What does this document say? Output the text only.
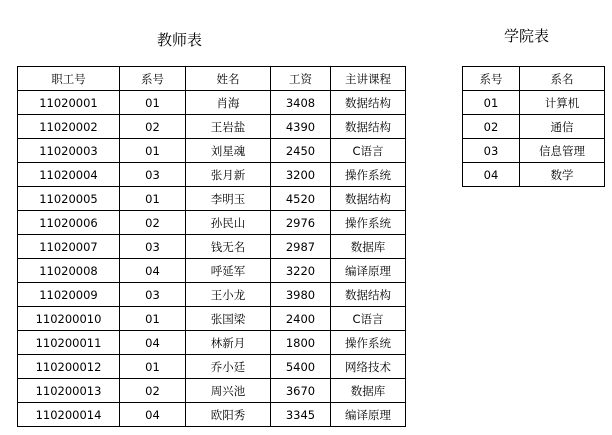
教师表	学院表
职工号	系号	姓名	工资	主讲课程
11020001	01	肖海	3408	数据结构
11020002	02	王岩盐	4390	数据结构
11020003	01	刘星魂	2450	C语言
11020004	03	张月新	3200	操作系统
11020005	01	李明玉	4520	数据结构
11020006	02	孙民山	2976	操作系统
11020007	03	钱无名	2987	数据库
11020008	04	呼延军	3220	编译原理
11020009	03	王小龙	3980	数据结构
110200010	01	张国梁	2400	C语言
110200011	04	林新月	1800	操作系统
110200012	01	乔小廷	5400	网络技术
110200013	02	周兴池	3670	数据库
110200014	04	欧阳秀	3345	编译原理
系号	系名
01	计算机
02	通信
03	信息管理
04	数学
